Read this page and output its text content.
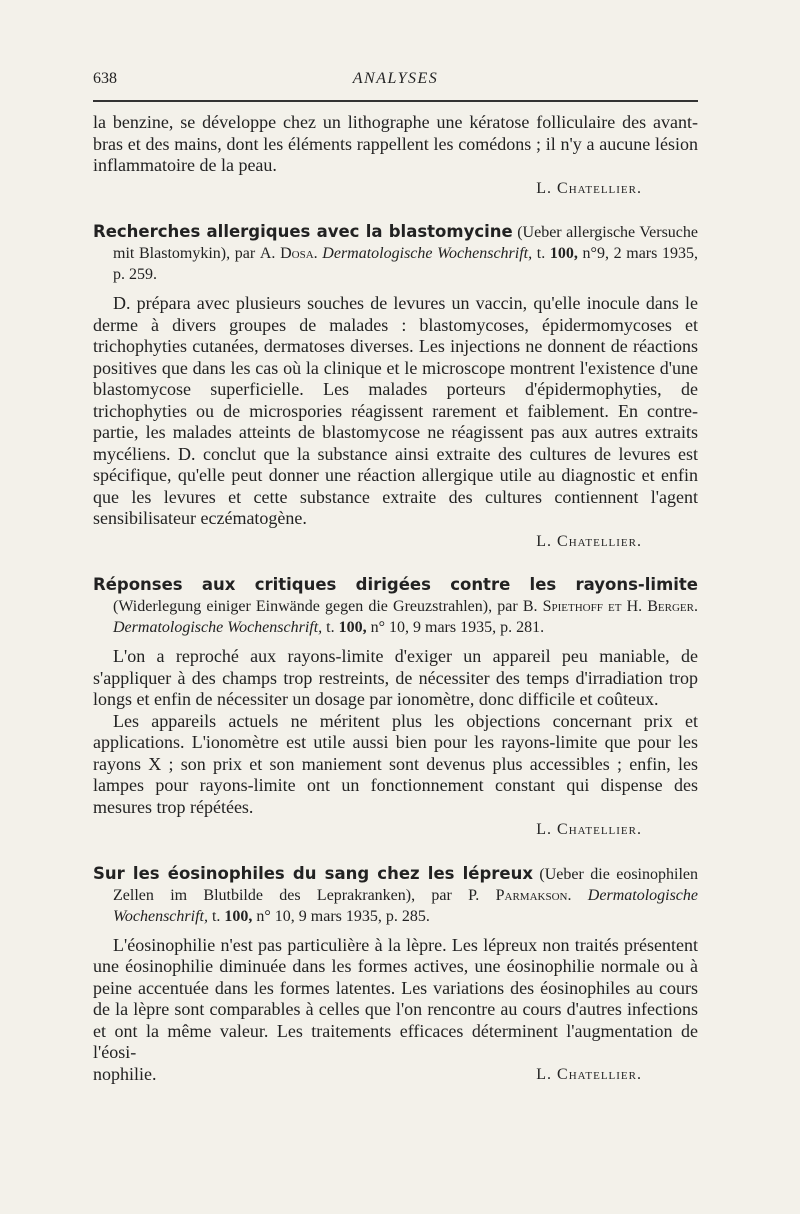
638	ANALYSES

la benzine, se développe chez un lithographe une kératose folliculaire des avant-bras et des mains, dont les éléments rappellent les comédons ; il n'y a aucune lésion inflammatoire de la peau.

L. Chatellier.

Recherches allergiques avec la blastomycine (Ueber allergische Versuche mit Blastomykin), par A. Dosa. Dermatologische Wochenschrift, t. 100, n°9, 2 mars 1935, p. 259.

D. prépara avec plusieurs souches de levures un vaccin, qu'elle inocule dans le derme à divers groupes de malades : blastomycoses, épidermomycoses et trichophyties cutanées, dermatoses diverses. Les injections ne donnent de réactions positives que dans les cas où la clinique et le microscope montrent l'existence d'une blastomycose superficielle. Les malades porteurs d'épidermophyties, de trichophyties ou de microspories réagissent rarement et faiblement. En contre-partie, les malades atteints de blastomycose ne réagissent pas aux autres extraits mycéliens. D. conclut que la substance ainsi extraite des cultures de levures est spécifique, qu'elle peut donner une réaction allergique utile au diagnostic et enfin que les levures et cette substance extraite des cultures contiennent l'agent sensibilisateur eczématogène.

L. Chatellier.

Réponses aux critiques dirigées contre les rayons-limite (Widerlegung einiger Einwände gegen die Greuzstrahlen), par B. Spiethoff et H. Berger. Dermatologische Wochenschrift, t. 100, n° 10, 9 mars 1935, p. 281.

L'on a reproché aux rayons-limite d'exiger un appareil peu maniable, de s'appliquer à des champs trop restreints, de nécessiter des temps d'irradiation trop longs et enfin de nécessiter un dosage par ionomètre, donc difficile et coûteux.

Les appareils actuels ne méritent plus les objections concernant prix et applications. L'ionomètre est utile aussi bien pour les rayons-limite que pour les rayons X ; son prix et son maniement sont devenus plus accessibles ; enfin, les lampes pour rayons-limite ont un fonctionnement constant qui dispense des mesures trop répétées.

L. Chatellier.

Sur les éosinophiles du sang chez les lépreux (Ueber die eosinophilen Zellen im Blutbilde des Leprakranken), par P. Parmakson. Dermatologische Wochenschrift, t. 100, n° 10, 9 mars 1935, p. 285.

L'éosinophilie n'est pas particulière à la lèpre. Les lépreux non traités présentent une éosinophilie diminuée dans les formes actives, une éosinophilie normale ou à peine accentuée dans les formes latentes. Les variations des éosinophiles au cours de la lèpre sont comparables à celles que l'on rencontre au cours d'autres infections et ont la même valeur. Les traitements efficaces déterminent l'augmentation de l'éosi-

nophilie.	L. Chatellier.
